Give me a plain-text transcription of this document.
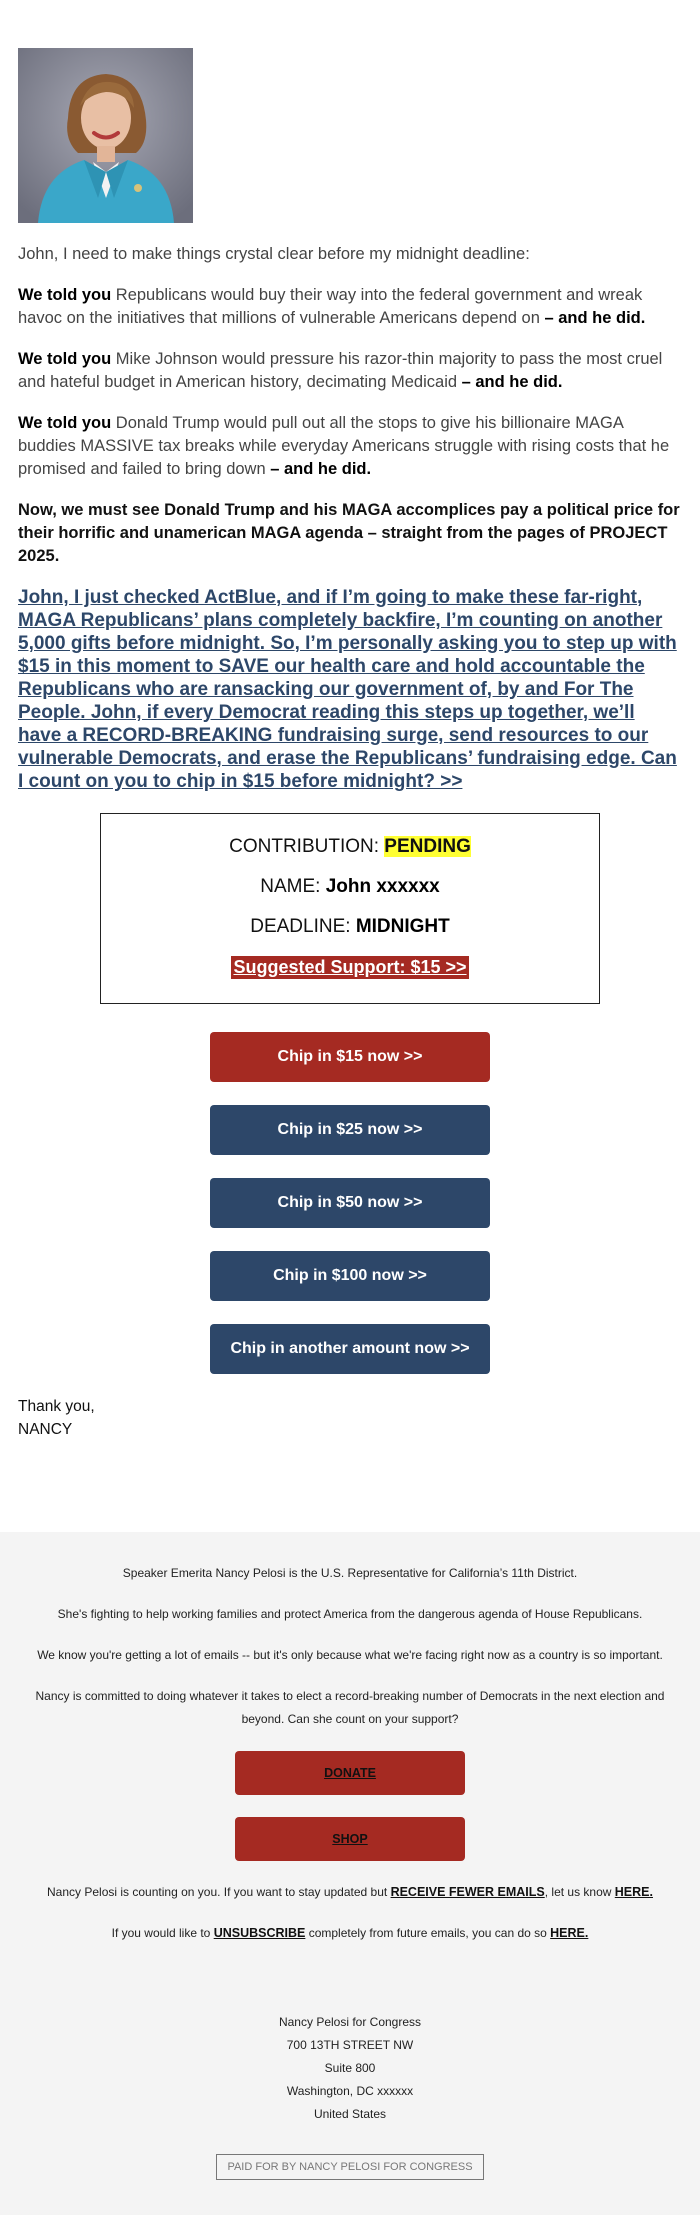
John, I need to make things crystal clear before my midnight deadline:

We told you Republicans would buy their way into the federal government and wreak havoc on the initiatives that millions of vulnerable Americans depend on – and he did.

We told you Mike Johnson would pressure his razor-thin majority to pass the most cruel and hateful budget in American history, decimating Medicaid – and he did.

We told you Donald Trump would pull out all the stops to give his billionaire MAGA buddies MASSIVE tax breaks while everyday Americans struggle with rising costs that he promised and failed to bring down – and he did.

Now, we must see Donald Trump and his MAGA accomplices pay a political price for their horrific and unamerican MAGA agenda – straight from the pages of PROJECT 2025.

John, I just checked ActBlue, and if I’m going to make these far-right, MAGA Republicans’ plans completely backfire, I’m counting on another 5,000 gifts before midnight. So, I’m personally asking you to step up with $15 in this moment to SAVE our health care and hold accountable the Republicans who are ransacking our government of, by and For The People. John, if every Democrat reading this steps up together, we’ll have a RECORD-BREAKING fundraising surge, send resources to our vulnerable Democrats, and erase the Republicans’ fundraising edge. Can I count on you to chip in $15 before midnight? >>
CONTRIBUTION: PENDING
NAME: John xxxxxx
DEADLINE: MIDNIGHT
Suggested Support: $15 >>
Chip in $15 now >>
Chip in $25 now >>
Chip in $50 now >>
Chip in $100 now >>
Chip in another amount now >>
Thank you,
NANCY

Speaker Emerita Nancy Pelosi is the U.S. Representative for California’s 11th District.

She's fighting to help working families and protect America from the dangerous agenda of House Republicans.

We know you're getting a lot of emails -- but it's only because what we're facing right now as a country is so important.

Nancy is committed to doing whatever it takes to elect a record-breaking number of Democrats in the next election and beyond. Can she count on your support?

DONATE
SHOP

Nancy Pelosi is counting on you. If you want to stay updated but RECEIVE FEWER EMAILS, let us know HERE.

If you would like to UNSUBSCRIBE completely from future emails, you can do so HERE.

Nancy Pelosi for Congress

700 13TH STREET NW

Suite 800

Washington, DC xxxxxx

United States

PAID FOR BY NANCY PELOSI FOR CONGRESS
